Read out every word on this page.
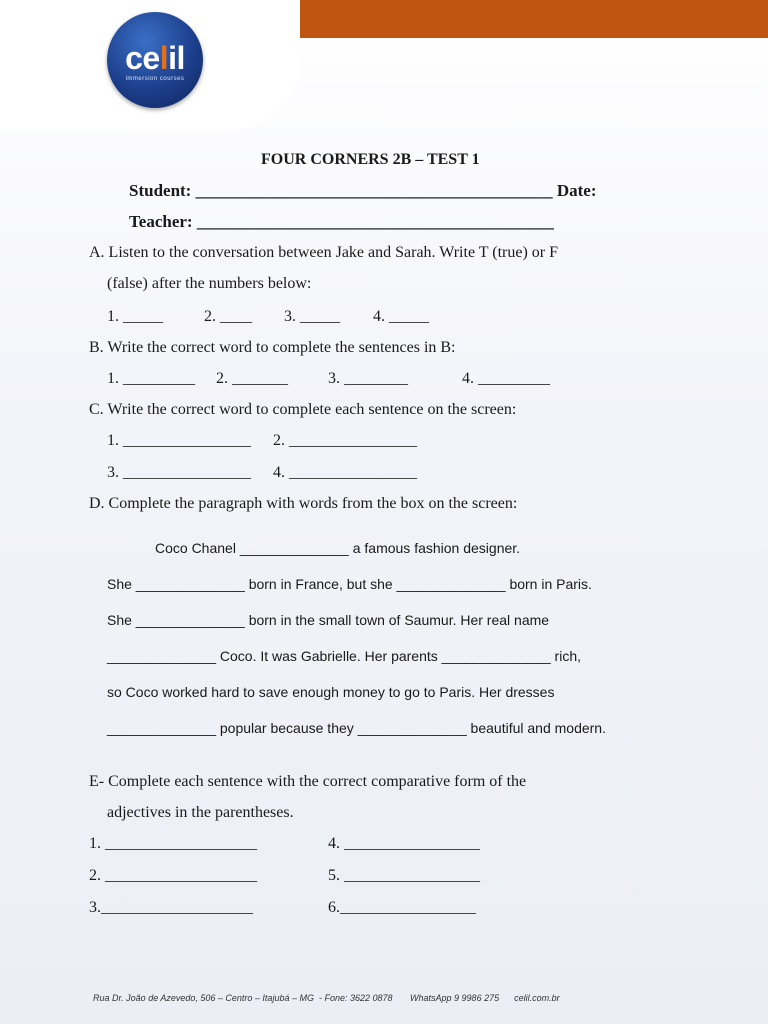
celil
immersion courses
FOUR CORNERS 2B – TEST 1
Student: __________________________________________ Date:
Teacher: __________________________________________
A. Listen to the conversation between Jake and Sarah. Write T (true) or F
(false) after the numbers below:
1. _____	2. ____ 3. _____ 4. _____
B. Write the correct word to complete the sentences in B:
1. _________ 2. _______	3. ________	4. _________
C. Write the correct word to complete each sentence on the screen:
1. ________________ 2. ________________
3. ________________ 4. ________________
D. Complete the paragraph with words from the box on the screen:
Coco Chanel ______________ a famous fashion designer.
She ______________ born in France, but she ______________ born in Paris.
She ______________ born in the small town of Saumur. Her real name
______________ Coco. It was Gabrielle. Her parents ______________ rich,
so Coco worked hard to save enough money to go to Paris. Her dresses
______________ popular because they ______________ beautiful and modern.
E- Complete each sentence with the correct comparative form of the
adjectives in the parentheses.
1. ___________________	4. _________________
2. ___________________	5. _________________
3.___________________	6._________________
Rua Dr. João de Azevedo, 506 – Centro – Itajubá – MG  - Fone: 3622 0878       WhatsApp 9 9986 275      celil.com.br
